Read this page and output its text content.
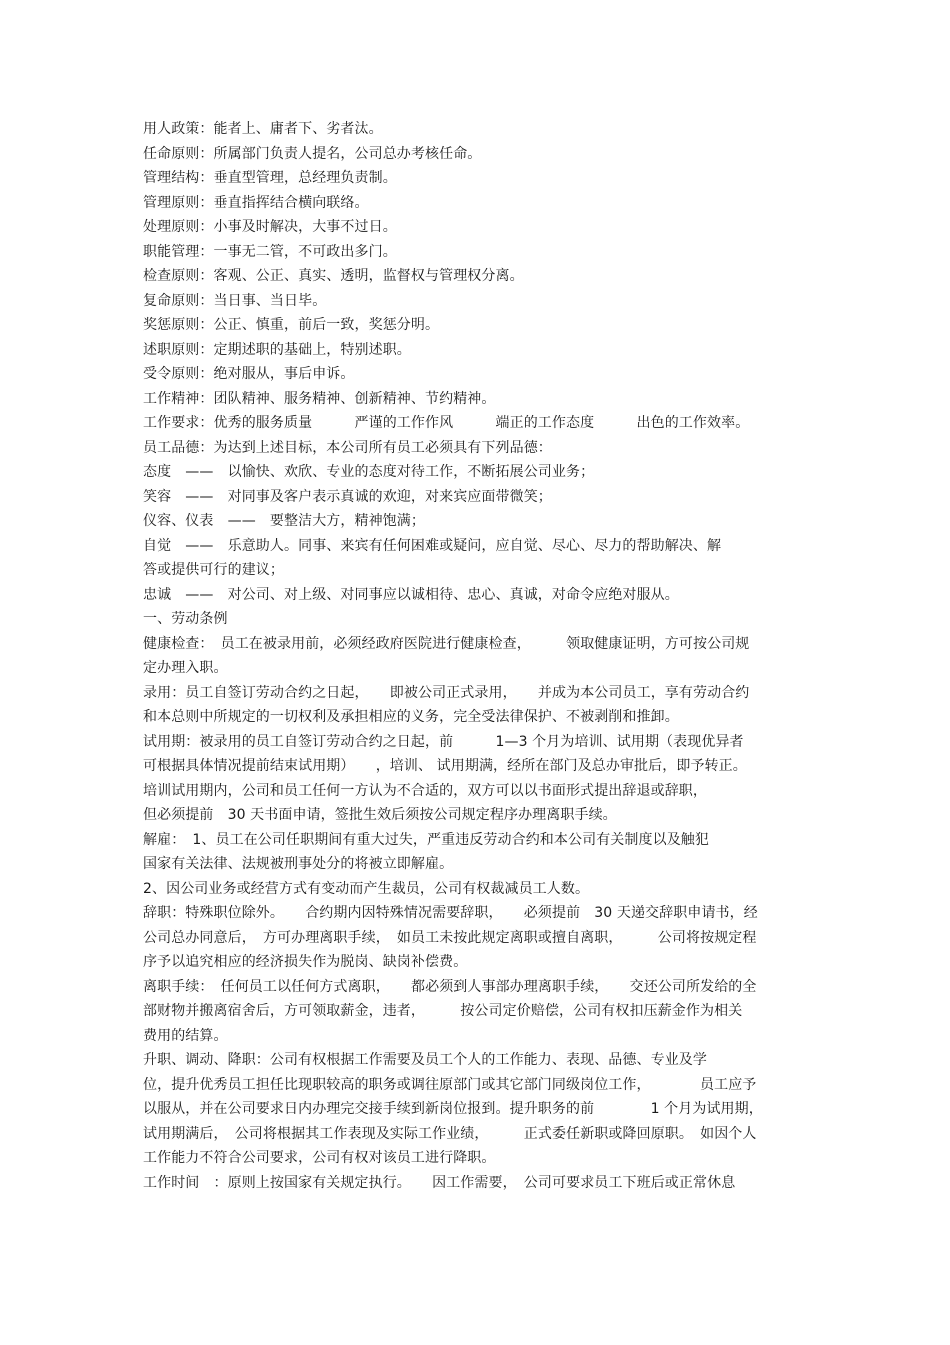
用人政策：能者上、庸者下、劣者汰。
任命原则：所属部门负责人提名，公司总办考核任命。
管理结构：垂直型管理，总经理负责制。
管理原则：垂直指挥结合横向联络。
处理原则：小事及时解决，大事不过日。
职能管理：一事无二管，不可政出多门。
检查原则：客观、公正、真实、透明，监督权与管理权分离。
复命原则：当日事、当日毕。
奖惩原则：公正、慎重，前后一致，奖惩分明。
述职原则：定期述职的基础上，特别述职。
受令原则：绝对服从，事后申诉。
工作精神：团队精神、服务精神、创新精神、节约精神。
工作要求：优秀的服务质量　　　严谨的工作作风　　　端正的工作态度　　　出色的工作效率。
员工品德：为达到上述目标，本公司所有员工必须具有下列品德：
态度　——　以愉快、欢欣、专业的态度对待工作，不断拓展公司业务；
笑容　——　对同事及客户表示真诚的欢迎，对来宾应面带微笑；
仪容、仪表　——　要整洁大方，精神饱满；
自觉　——　乐意助人。同事、来宾有任何困难或疑问，应自觉、尽心、尽力的帮助解决、解
答或提供可行的建议；
忠诚　——　对公司、对上级、对同事应以诚相待、忠心、真诚，对命令应绝对服从。
一、劳动条例
健康检查：　员工在被录用前，必须经政府医院进行健康检查，　　　领取健康证明，方可按公司规
定办理入职。
录用：员工自签订劳动合约之日起，　　即被公司正式录用，　　并成为本公司员工，享有劳动合约
和本总则中所规定的一切权利及承担相应的义务，完全受法律保护、不被剥削和推卸。
试用期：被录用的员工自签订劳动合约之日起，前　　　1—3 个月为培训、试用期（表现优异者
可根据具体情况提前结束试用期）　　，培训、 试用期满，经所在部门及总办审批后，即予转正。
培训试用期内，公司和员工任何一方认为不合适的，双方可以以书面形式提出辞退或辞职，
但必须提前　30 天书面申请，签批生效后须按公司规定程序办理离职手续。
解雇：　1、员工在公司任职期间有重大过失，严重违反劳动合约和本公司有关制度以及触犯
国家有关法律、法规被刑事处分的将被立即解雇。
2、因公司业务或经营方式有变动而产生裁员，公司有权裁减员工人数。
辞职：特殊职位除外。　　合约期内因特殊情况需要辞职，　　必须提前　30 天递交辞职申请书，经
公司总办同意后，　方可办理离职手续，　如员工未按此规定离职或擅自离职，　　　公司将按规定程
序予以追究相应的经济损失作为脱岗、缺岗补偿费。
离职手续：　任何员工以任何方式离职，　　都必须到人事部办理离职手续，　　交还公司所发给的全
部财物并搬离宿舍后，方可领取薪金，违者，　　　按公司定价赔偿，公司有权扣压薪金作为相关
费用的结算。
升职、调动、降职：公司有权根据工作需要及员工个人的工作能力、表现、品德、专业及学
位，提升优秀员工担任比现职较高的职务或调往原部门或其它部门同级岗位工作，　　　　员工应予
以服从，并在公司要求日内办理完交接手续到新岗位报到。提升职务的前　　　　1 个月为试用期，
试用期满后，　公司将根据其工作表现及实际工作业绩，　　　正式委任新职或降回原职。　如因个人
工作能力不符合公司要求，公司有权对该员工进行降职。
工作时间　：原则上按国家有关规定执行。　　因工作需要，　公司可要求员工下班后或正常休息
